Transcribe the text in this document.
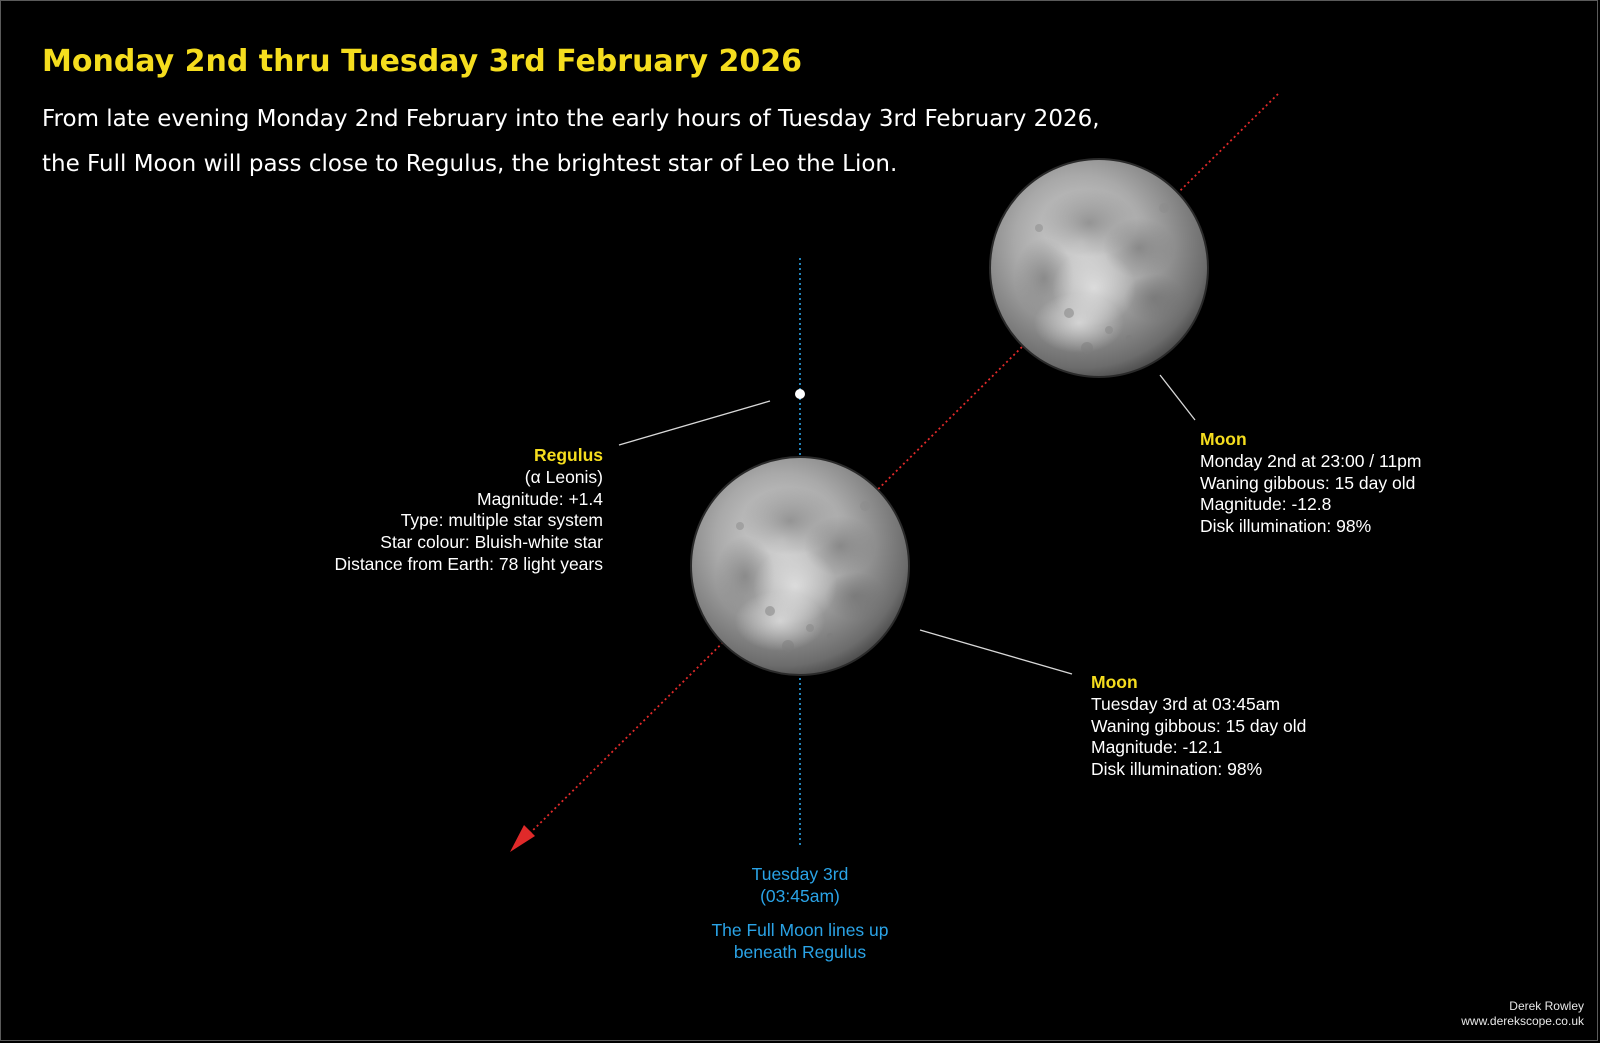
Monday 2nd thru Tuesday 3rd February 2026
From late evening Monday 2nd February into the early hours of Tuesday 3rd February 2026,
the Full Moon will pass close to Regulus, the brightest star of Leo the Lion.
Regulus
(α Leonis)
Magnitude: +1.4
Type: multiple star system
Star colour: Bluish-white star
Distance from Earth: 78 light years
Moon
Monday 2nd at 23:00 / 11pm
Waning gibbous: 15 day old
Magnitude: -12.8
Disk illumination: 98%
Moon
Tuesday 3rd at 03:45am
Waning gibbous: 15 day old
Magnitude: -12.1
Disk illumination: 98%
Tuesday 3rd
(03:45am)
The Full Moon lines up
beneath Regulus
Derek Rowley
www.derekscope.co.uk
